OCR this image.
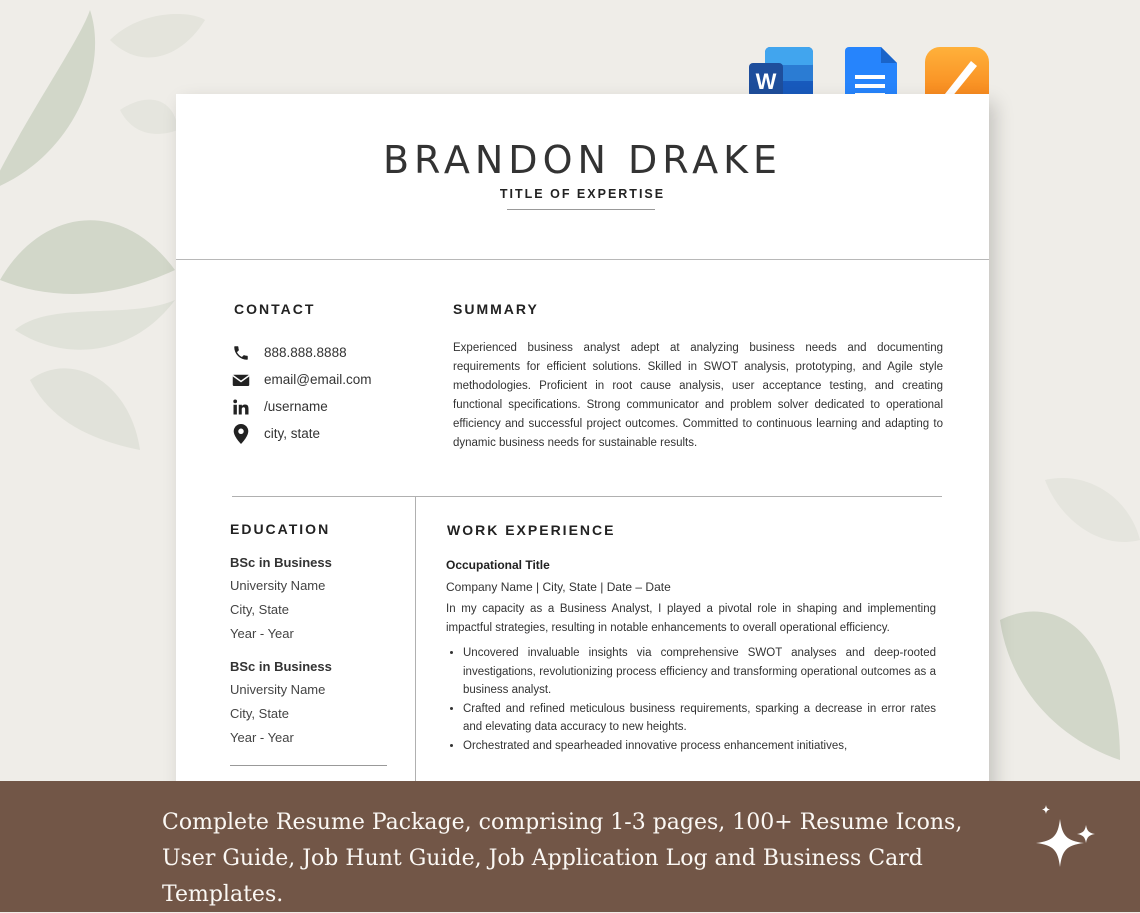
W
BRANDON DRAKE
TITLE OF EXPERTISE
CONTACT	SUMMARY
888.888.8888
email@email.com
/username
city, state
Experienced business analyst adept at analyzing business needs and documenting requirements for efficient solutions. Skilled in SWOT analysis, prototyping, and Agile style methodologies. Proficient in root cause analysis, user acceptance testing, and creating functional specifications. Strong communicator and problem solver dedicated to operational efficiency and successful project outcomes. Committed to continuous learning and adapting to dynamic business needs for sustainable results.
EDUCATION	WORK EXPERIENCE
BSc in Business
University Name
City, State
Year - Year
BSc in Business
University Name
City, State
Year - Year
Occupational Title
Company Name | City, State | Date – Date
In my capacity as a Business Analyst, I played a pivotal role in shaping and implementing impactful strategies, resulting in notable enhancements to overall operational efficiency.
• Uncovered invaluable insights via comprehensive SWOT analyses and deep-rooted investigations, revolutionizing process efficiency and transforming operational outcomes as a business analyst.
• Crafted and refined meticulous business requirements, sparking a decrease in error rates and elevating data accuracy to new heights.
• Orchestrated and spearheaded innovative process enhancement initiatives,
Complete Resume Package, comprising 1-3 pages, 100+ Resume Icons, User Guide, Job Hunt Guide, Job Application Log and Business Card Templates.
